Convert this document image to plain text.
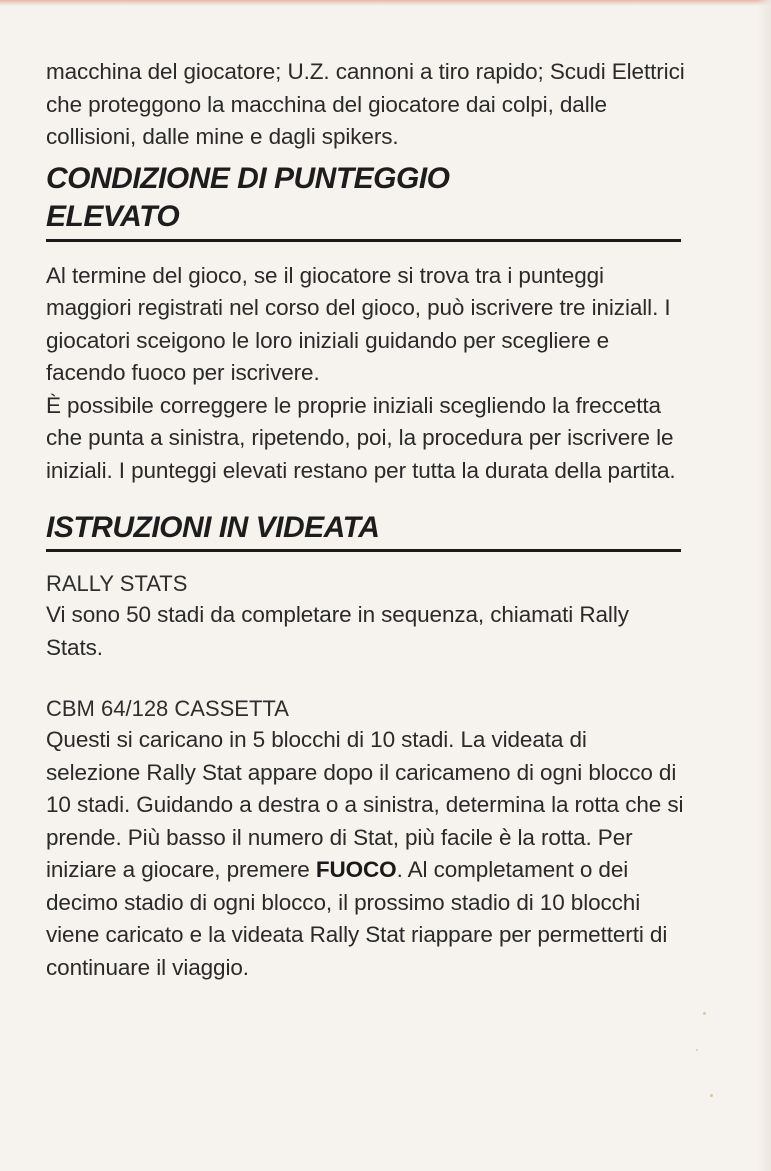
macchina del giocatore; U.Z. cannoni a tiro rapido; Scudi Elettrici che proteggono la macchina del giocatore dai colpi, dalle collisioni, dalle mine e dagli spikers.

CONDIZIONE DI PUNTEGGIO
ELEVATO

Al termine del gioco, se il giocatore si trova tra i punteggi maggiori registrati nel corso del gioco, può iscrivere tre iniziall. I giocatori sceigono le loro iniziali guidando per scegliere e facendo fuoco per iscrivere.

È possibile correggere le proprie iniziali scegliendo la freccetta che punta a sinistra, ripetendo, poi, la procedura per iscrivere le iniziali. I punteggi elevati restano per tutta la durata della partita.

ISTRUZIONI IN VIDEATA

RALLY STATS

Vi sono 50 stadi da completare in sequenza, chiamati Rally Stats.

CBM 64/128 CASSETTA

Questi si caricano in 5 blocchi di 10 stadi. La videata di selezione Rally Stat appare dopo il caricameno di ogni blocco di 10 stadi. Guidando a destra o a sinistra, determina la rotta che si prende. Più basso il numero di Stat, più facile è la rotta. Per iniziare a giocare, premere FUOCO. Al completament o dei decimo stadio di ogni blocco, il prossimo stadio di 10 blocchi viene caricato e la videata Rally Stat riappare per permetterti di continuare il viaggio.
